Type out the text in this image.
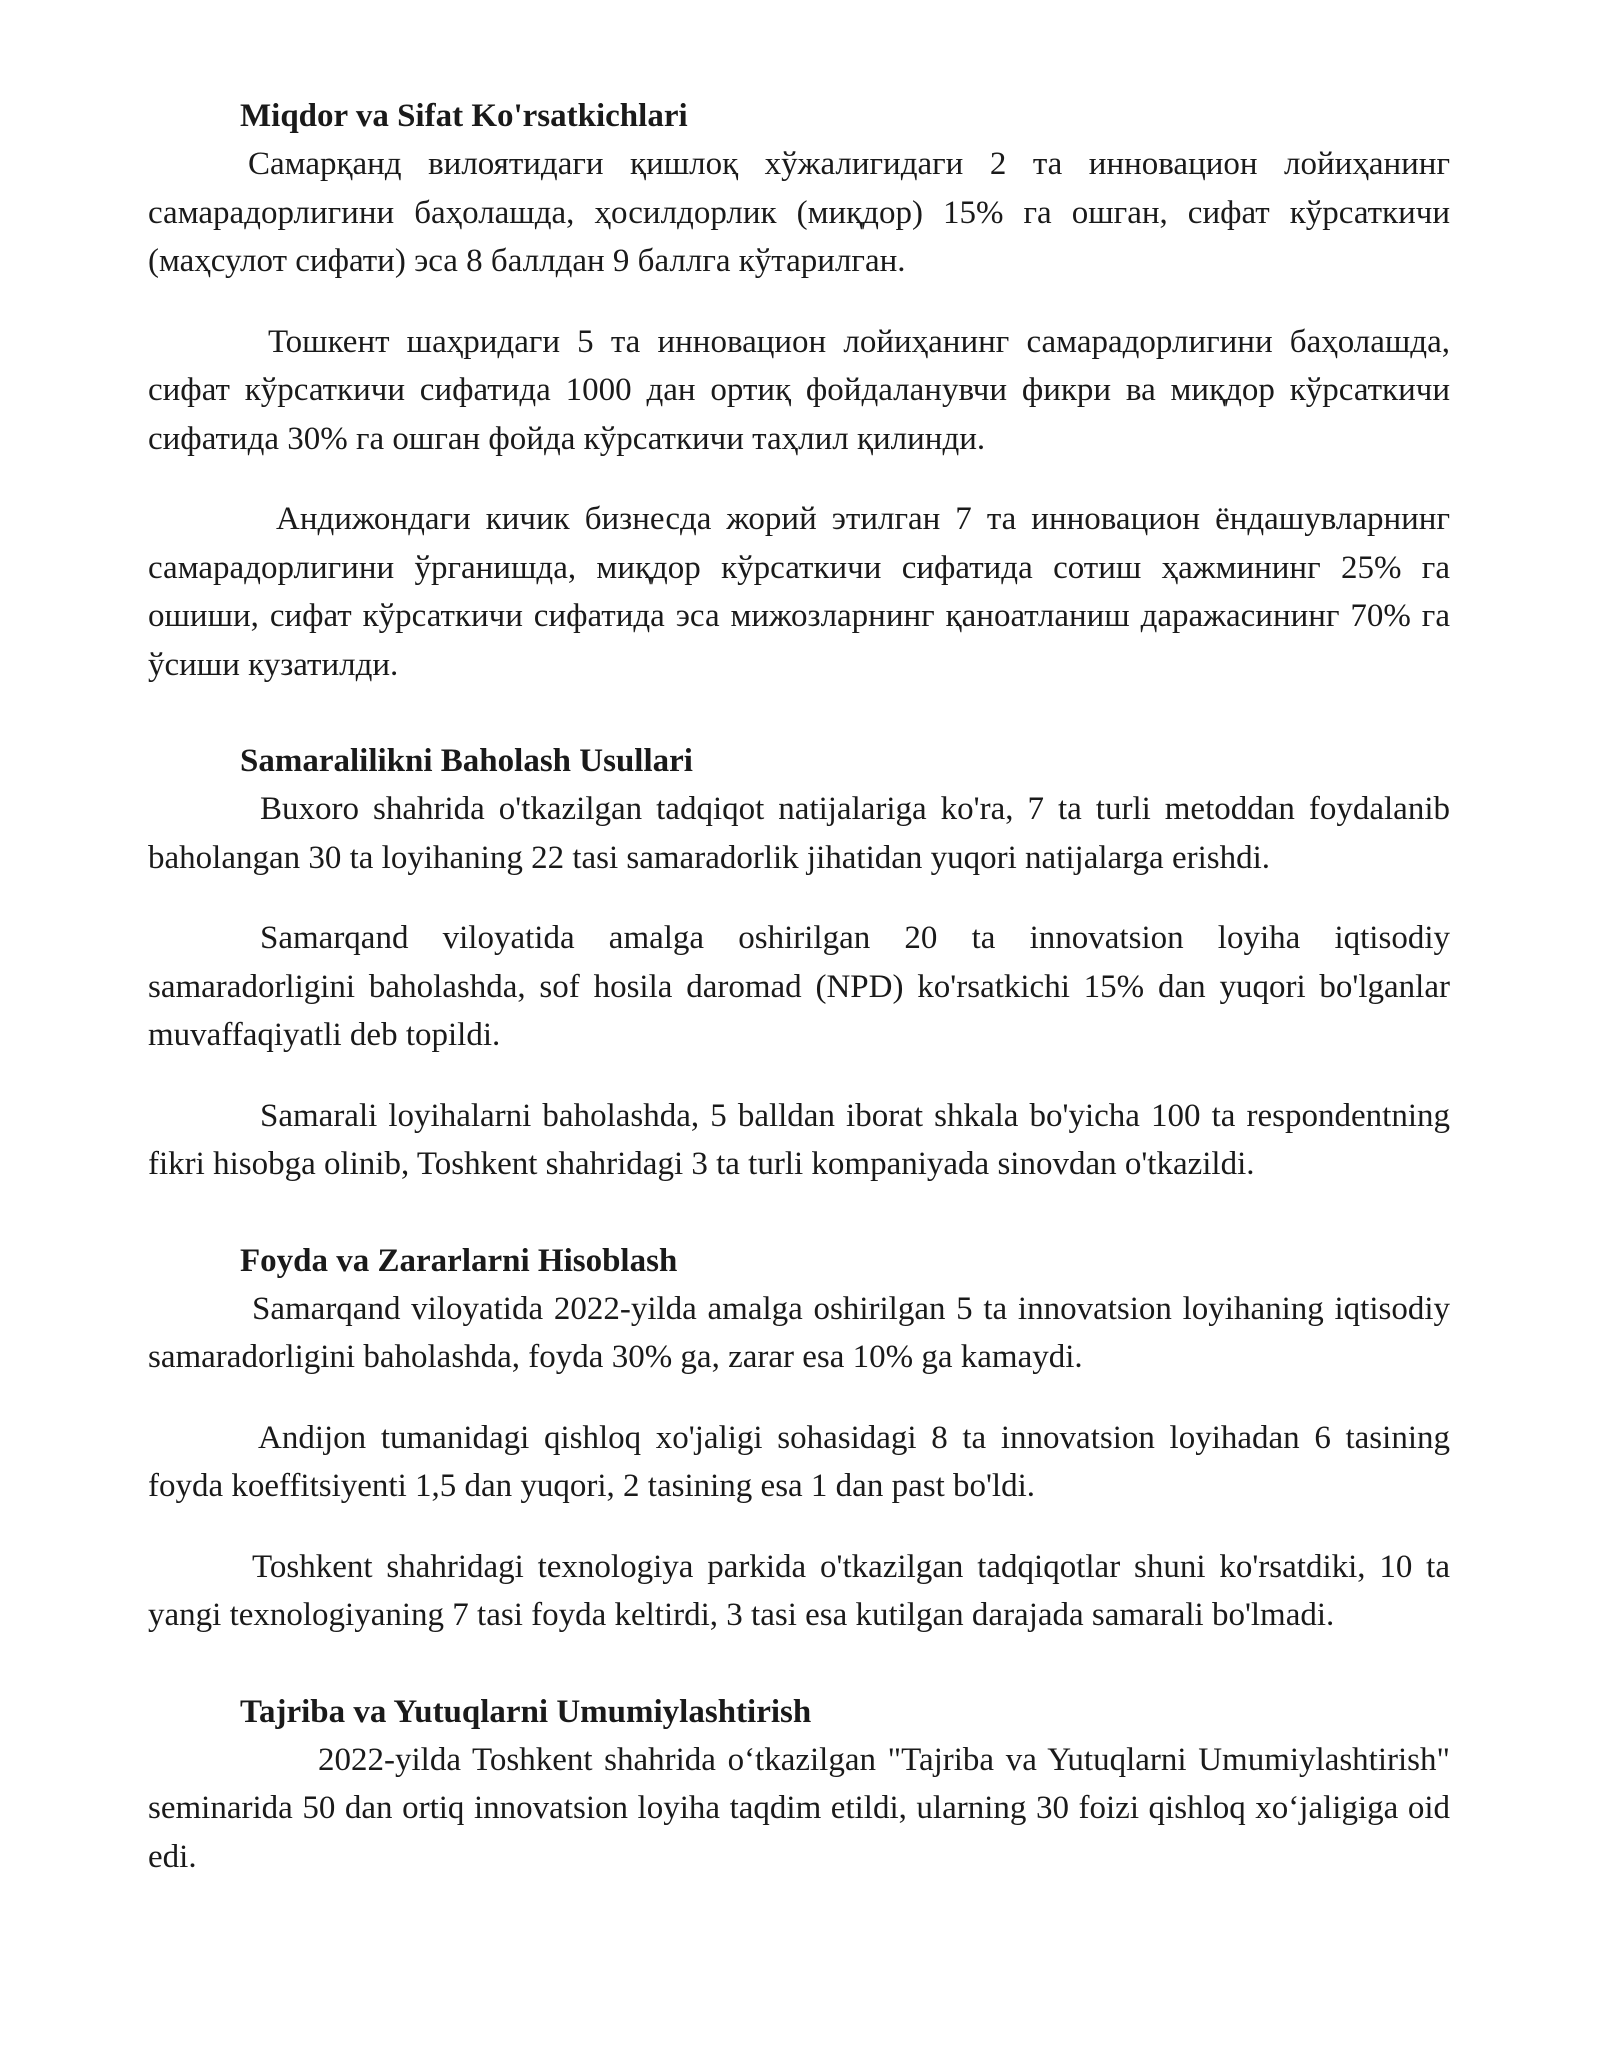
Miqdor va Sifat Ko'rsatkichlari

Самарқанд вилоятидаги қишлоқ хўжалигидаги 2 та инновацион лойиҳанинг самарадорлигини баҳолашда, ҳосилдорлик (миқдор) 15% га ошган, сифат кўрсаткичи (маҳсулот сифати) эса 8 баллдан 9 баллга кўтарилган.

Тошкент шаҳридаги 5 та инновацион лойиҳанинг самарадорлигини баҳолашда, сифат кўрсаткичи сифатида 1000 дан ортиқ фойдаланувчи фикри ва миқдор кўрсаткичи сифатида 30% га ошган фойда кўрсаткичи таҳлил қилинди.

Андижондаги кичик бизнесда жорий этилган 7 та инновацион ёндашувларнинг самарадорлигини ўрганишда, миқдор кўрсаткичи сифатида сотиш ҳажмининг 25% га ошиши, сифат кўрсаткичи сифатида эса мижозларнинг қаноатланиш даражасининг 70% га ўсиши кузатилди.

Samaralilikni Baholash Usullari

Buxoro shahrida o'tkazilgan tadqiqot natijalariga ko'ra, 7 ta turli metoddan foydalanib baholangan 30 ta loyihaning 22 tasi samaradorlik jihatidan yuqori natijalarga erishdi.

Samarqand viloyatida amalga oshirilgan 20 ta innovatsion loyiha iqtisodiy samaradorligini baholashda, sof hosila daromad (NPD) ko'rsatkichi 15% dan yuqori bo'lganlar muvaffaqiyatli deb topildi.

Samarali loyihalarni baholashda, 5 balldan iborat shkala bo'yicha 100 ta respondentning fikri hisobga olinib, Toshkent shahridagi 3 ta turli kompaniyada sinovdan o'tkazildi.

Foyda va Zararlarni Hisoblash

Samarqand viloyatida 2022-yilda amalga oshirilgan 5 ta innovatsion loyihaning iqtisodiy samaradorligini baholashda, foyda 30% ga, zarar esa 10% ga kamaydi.

Andijon tumanidagi qishloq xo'jaligi sohasidagi 8 ta innovatsion loyihadan 6 tasining foyda koeffitsiyenti 1,5 dan yuqori, 2 tasining esa 1 dan past bo'ldi.

Toshkent shahridagi texnologiya parkida o'tkazilgan tadqiqotlar shuni ko'rsatdiki, 10 ta yangi texnologiyaning 7 tasi foyda keltirdi, 3 tasi esa kutilgan darajada samarali bo'lmadi.

Tajriba va Yutuqlarni Umumiylashtirish

2022-yilda Toshkent shahrida o‘tkazilgan "Tajriba va Yutuqlarni Umumiylashtirish" seminarida 50 dan ortiq innovatsion loyiha taqdim etildi, ularning 30 foizi qishloq xo‘jaligiga oid edi.
